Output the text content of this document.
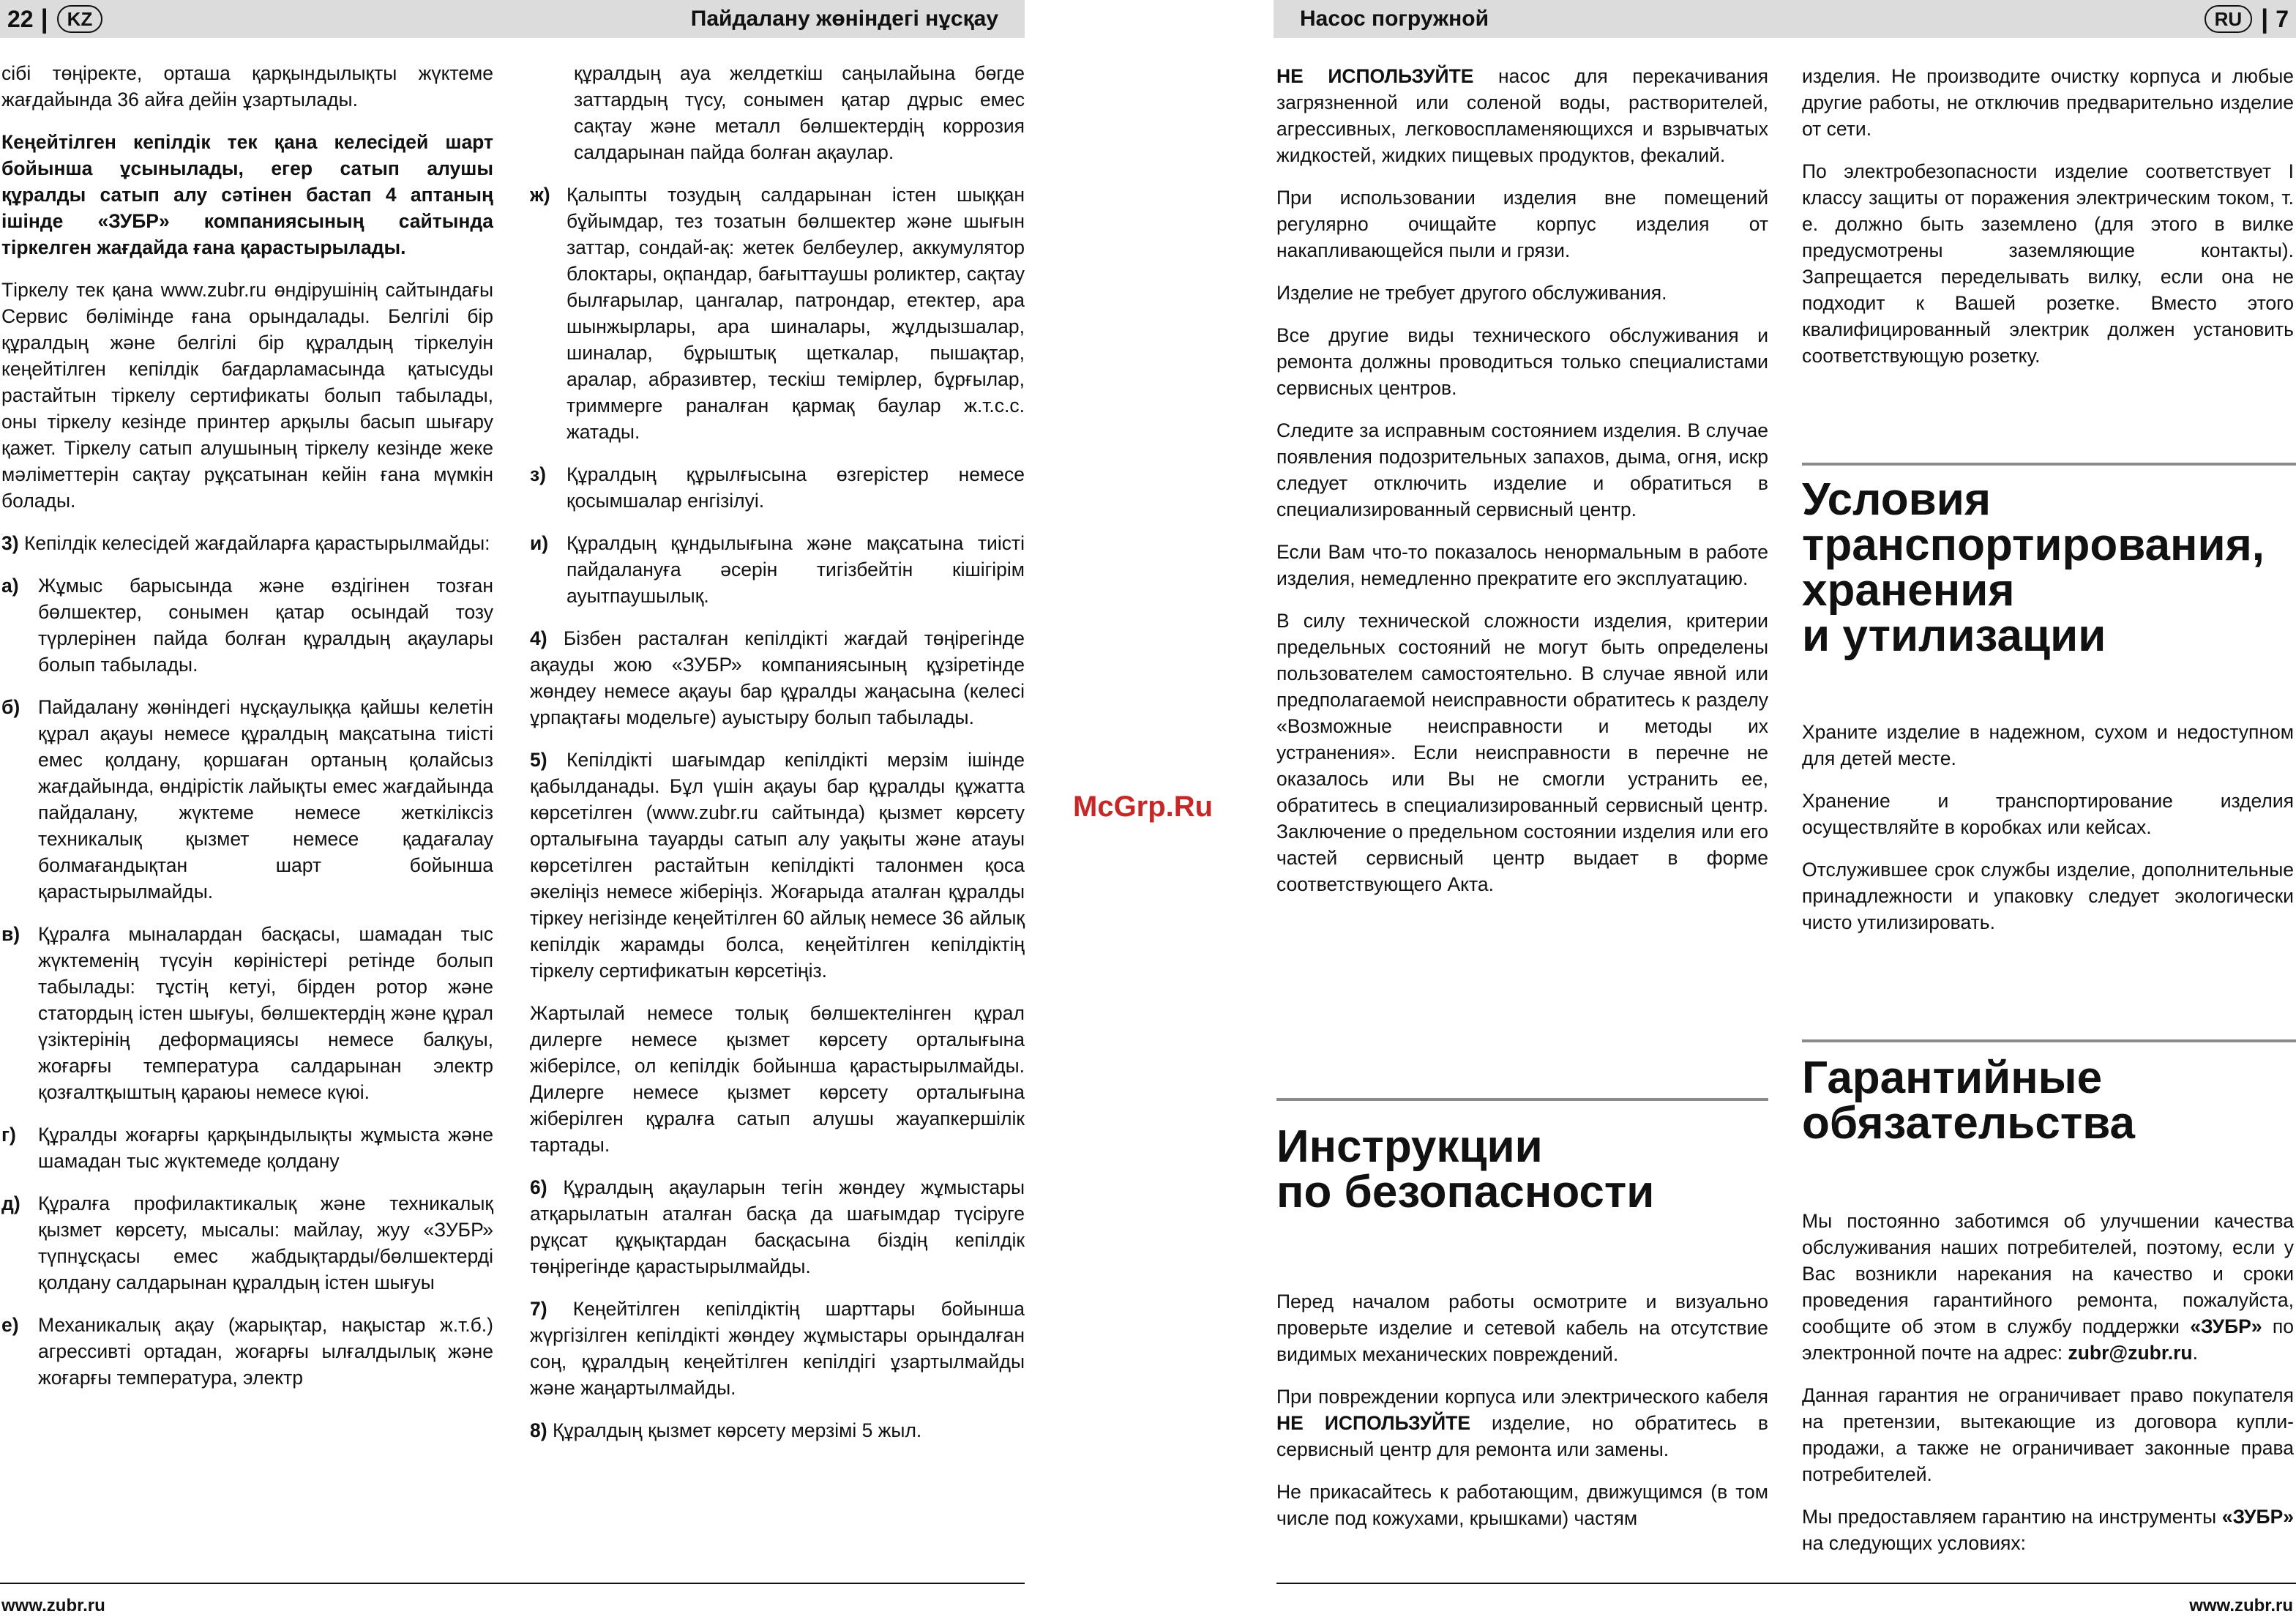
22 |	KZ	Пайдалану жөніндегі нұсқау

сібі төңіректе, орташа қарқындылықты жүктеме жағдайында 36 айға дейін ұзартылады.

Кеңейтілген кепілдік тек қана келесідей шарт бойынша ұсынылады, егер сатып алушы құралды сатып алу сәтінен бастап 4 аптаның ішінде «ЗУБР» компаниясының сайтында тіркелген жағдайда ғана қарастырылады.

Тіркелу тек қана www.zubr.ru өндірушінің сайтындағы Сервис бөлімінде ғана орындалады. Белгілі бір құралдың және белгілі бір құралдың тіркелуін кеңейтілген кепілдік бағдарламасында қатысуды растайтын тіркелу сертификаты болып табылады, оны тіркелу кезінде принтер арқылы басып шығару қажет. Тіркелу сатып алушының тіркелу кезінде жеке мәліметтерін сақтау рұқсатынан кейін ғана мүмкін болады.

3) Кепілдік келесідей жағдайларға қарастырылмайды:

а) Жұмыс барысында және өздігінен тозған бөлшектер, сонымен қатар осындай тозу түрлерінен пайда болған құралдың ақаулары болып табылады.
б) Пайдалану жөніндегі нұсқаулыққа қайшы келетін құрал ақауы немесе құралдың мақсатына тиісті емес қолдану, қоршаған ортаның қолайсыз жағдайында, өндірістік лайықты емес жағдайында пайдалану, жүктеме немесе жеткіліксіз техникалық қызмет немесе қадағалау болмағандықтан шарт бойынша қарастырылмайды.
в) Құралға мыналардан басқасы, шамадан тыс жүктеменің түсуін көріністері ретінде болып табылады: тұстің кетуі, бірден ротор және статордың істен шығуы, бөлшектердің және құрал үзіктерінің деформациясы немесе балқуы, жоғарғы температура салдарынан электр қозғалтқыштың қараюы немесе күюі.
г)	Құралды жоғарғы қарқындылықты жұмыста және шамадан тыс жүктемеде қолдану
д) Құралға профилактикалық және техникалық қызмет көрсету, мысалы: майлау, жуу «ЗУБР» түпнұсқасы емес жабдықтарды/бөлшектерді қолдану салдарынан құралдың істен шығуы
е) Механикалық ақау (жарықтар, нақыстар ж.т.б.) агрессивті ортадан, жоғарғы ылғалдылық және жоғарғы температура, электр

құралдың ауа желдеткіш саңылайына бөгде заттардың түсу, сонымен қатар дұрыс емес сақтау және металл бөлшектердің коррозия салдарынан пайда болған ақаулар.

ж) Қалыпты тозудың салдарынан істен шыққан бұйымдар, тез тозатын бөлшектер және шығын заттар, сондай-ақ: жетек белбеулер, аккумулятор блоктары, оқпандар, бағыттаушы роликтер, сақтау былғарылар, цангалар, патрондар, етектер, ара шынжырлары, ара шиналары, жұлдызшалар, шиналар, бұрыштық щеткалар, пышақтар, аралар, абразивтер, тескіш темірлер, бұрғылар, триммерге раналған қармақ баулар ж.т.с.с. жатады.
з)	Құралдың құрылғысына өзгерістер немесе қосымшалар енгізілуі.
и) Құралдың құндылығына және мақсатына тиісті пайдалануға әсерін тигізбейтін кішігірім ауытпаушылық.

4) Бізбен расталған кепілдікті жағдай төңірегінде ақауды жою «ЗУБР» компаниясының құзіретінде жөндеу немесе ақауы бар құралды жаңасына (келесі ұрпақтағы модельге) ауыстыру болып табылады.

5) Кепілдікті шағымдар кепілдікті мерзім ішінде қабылданады. Бұл үшін ақауы бар құралды құжатта көрсетілген (www.zubr.ru сайтында) қызмет көрсету орталығына тауарды сатып алу уақыты және атауы көрсетілген растайтын кепілдікті талонмен қоса әкеліңіз немесе жіберіңіз. Жоғарыда аталған құралды тіркеу негізінде кеңейтілген 60 айлық немесе 36 айлық кепілдік жарамды болса, кеңейтілген кепілдіктің тіркелу сертификатын көрсетіңіз.

Жартылай немесе толық бөлшектелінген құрал дилерге немесе қызмет көрсету орталығына жіберілсе, ол кепілдік бойынша қарастырылмайды. Дилерге немесе қызмет көрсету орталығына жіберілген құралға сатып алушы жауапкершілік тартады.

6) Құралдың ақауларын тегін жөндеу жұмыстары атқарылатын аталған басқа да шағымдар түсіруге рұқсат құқықтардан басқасына біздің кепілдік төңірегінде қарастырылмайды.

7) Кеңейтілген кепілдіктің шарттары бойынша жүргізілген кепілдікті жөндеу жұмыстары орындалған соң, құралдың кеңейтілген кепілдігі ұзартылмайды және жаңартылмайды.

8) Құралдың қызмет көрсету мерзімі 5 жыл.

www.zubr.ru
McGrp.Ru
Насос погружной	RU | 7

НЕ ИСПОЛЬЗУЙТЕ насос для перекачивания загрязненной или соленой воды, растворителей, агрессивных, легковоспламеняющихся и взрывчатых жидкостей, жидких пищевых продуктов, фекалий.

При использовании изделия вне помещений регулярно очищайте корпус изделия от накапливающейся пыли и грязи.

Изделие не требует другого обслуживания.

Все другие виды технического обслуживания и ремонта должны проводиться только специалистами сервисных центров.

Следите за исправным состоянием изделия. В случае появления подозрительных запахов, дыма, огня, искр следует отключить изделие и обратиться в специализированный сервисный центр.

Если Вам что-то показалось ненормальным в работе изделия, немедленно прекратите его эксплуатацию.

В силу технической сложности изделия, критерии предельных состояний не могут быть определены пользователем самостоятельно. В случае явной или предполагаемой неисправности обратитесь к разделу «Возможные неисправности и методы их устранения». Если неисправности в перечне не оказалось или Вы не смогли устранить ее, обратитесь в специализированный сервисный центр. Заключение о предельном состоянии изделия или его частей сервисный центр выдает в форме соответствующего Акта.

Инструкции
по безопасности

Перед началом работы осмотрите и визуально проверьте изделие и сетевой кабель на отсутствие видимых механических повреждений.

При повреждении корпуса или электрического кабеля НЕ ИСПОЛЬЗУЙТЕ изделие, но обратитесь в сервисный центр для ремонта или замены.

Не прикасайтесь к работающим, движущимся (в том числе под кожухами, крышками) частям

изделия. Не производите очистку корпуса и любые другие работы, не отключив предварительно изделие от сети.

По электробезопасности изделие соответствует I классу защиты от поражения электрическим током, т. е. должно быть заземлено (для этого в вилке предусмотрены заземляющие контакты). Запрещается переделывать вилку, если она не подходит к Вашей розетке. Вместо этого квалифицированный электрик должен установить соответствующую розетку.

Условия
транспортирования,
хранения
и утилизации

Храните изделие в надежном, сухом и недоступном для детей месте.

Хранение и транспортирование изделия осуществляйте в коробках или кейсах.

Отслужившее срок службы изделие, дополнительные принадлежности и упаковку следует экологически чисто утилизировать.

Гарантийные
обязательства

Мы постоянно заботимся об улучшении качества обслуживания наших потребителей, поэтому, если у Вас возникли нарекания на качество и сроки проведения гарантийного ремонта, пожалуйста, сообщите об этом в службу поддержки «ЗУБР» по электронной почте на адрес: zubr@zubr.ru.

Данная гарантия не ограничивает право покупателя на претензии, вытекающие из договора купли-продажи, а также не ограничивает законные права потребителей.

Мы предоставляем гарантию на инструменты «ЗУБР» на следующих условиях:

www.zubr.ru
